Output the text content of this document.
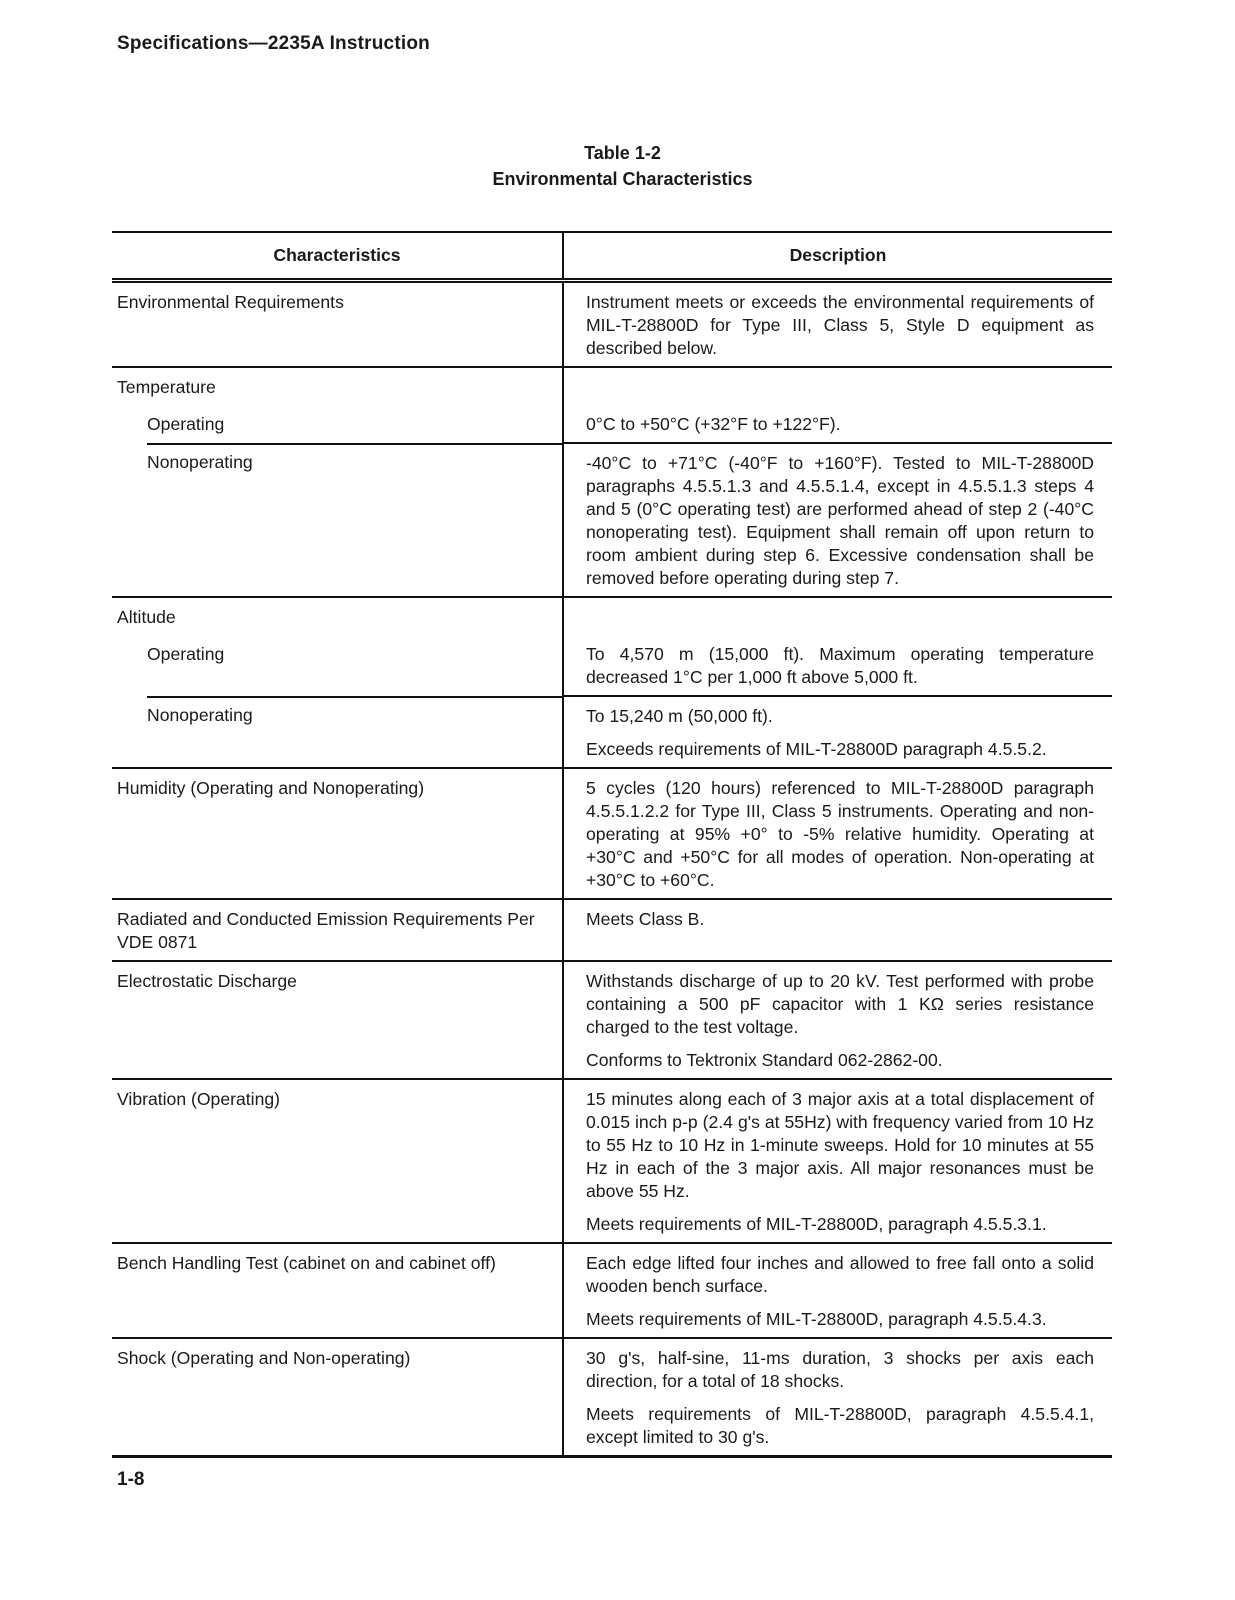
Specifications—2235A Instruction
Table 1-2
Environmental Characteristics
Characteristics	Description
Environmental Requirements	Instrument meets or exceeds the environmental requirements of MIL-T-28800D for Type III, Class 5, Style D equipment as described below.
Temperature	
Operating	0°C to +50°C (+32°F to +122°F).
Nonoperating	-40°C to +71°C (-40°F to +160°F). Tested to MIL-T-28800D paragraphs 4.5.5.1.3 and 4.5.5.1.4, except in 4.5.5.1.3 steps 4 and 5 (0°C operating test) are performed ahead of step 2 (-40°C nonoperating test). Equipment shall remain off upon return to room ambient during step 6. Excessive condensation shall be removed before operating during step 7.
Altitude	
Operating	To 4,570 m (15,000 ft). Maximum operating temperature decreased 1°C per 1,000 ft above 5,000 ft.
Nonoperating	To 15,240 m (50,000 ft).
Exceeds requirements of MIL-T-28800D paragraph 4.5.5.2.

Humidity (Operating and Nonoperating)	5 cycles (120 hours) referenced to MIL-T-28800D paragraph 4.5.5.1.2.2 for Type III, Class 5 instruments. Operating and non-operating at 95% +0° to -5% relative humidity. Operating at +30°C and +50°C for all modes of operation. Non-operating at +30°C to +60°C.
Radiated and Conducted Emission Requirements Per VDE 0871	Meets Class B.
Electrostatic Discharge	Withstands discharge of up to 20 kV. Test performed with probe containing a 500 pF capacitor with 1 KΩ series resistance charged to the test voltage.
Conforms to Tektronix Standard 062-2862-00.

Vibration (Operating)	15 minutes along each of 3 major axis at a total displacement of 0.015 inch p-p (2.4 g's at 55Hz) with frequency varied from 10 Hz to 55 Hz to 10 Hz in 1-minute sweeps. Hold for 10 minutes at 55 Hz in each of the 3 major axis. All major resonances must be above 55 Hz.
Meets requirements of MIL-T-28800D, paragraph 4.5.5.3.1.

Bench Handling Test (cabinet on and cabinet off)	Each edge lifted four inches and allowed to free fall onto a solid wooden bench surface.
Meets requirements of MIL-T-28800D, paragraph 4.5.5.4.3.

Shock (Operating and Non-operating)	30 g's, half-sine, 11-ms duration, 3 shocks per axis each direction, for a total of 18 shocks.
Meets requirements of MIL-T-28800D, paragraph 4.5.5.4.1, except limited to 30 g's.
1-8
